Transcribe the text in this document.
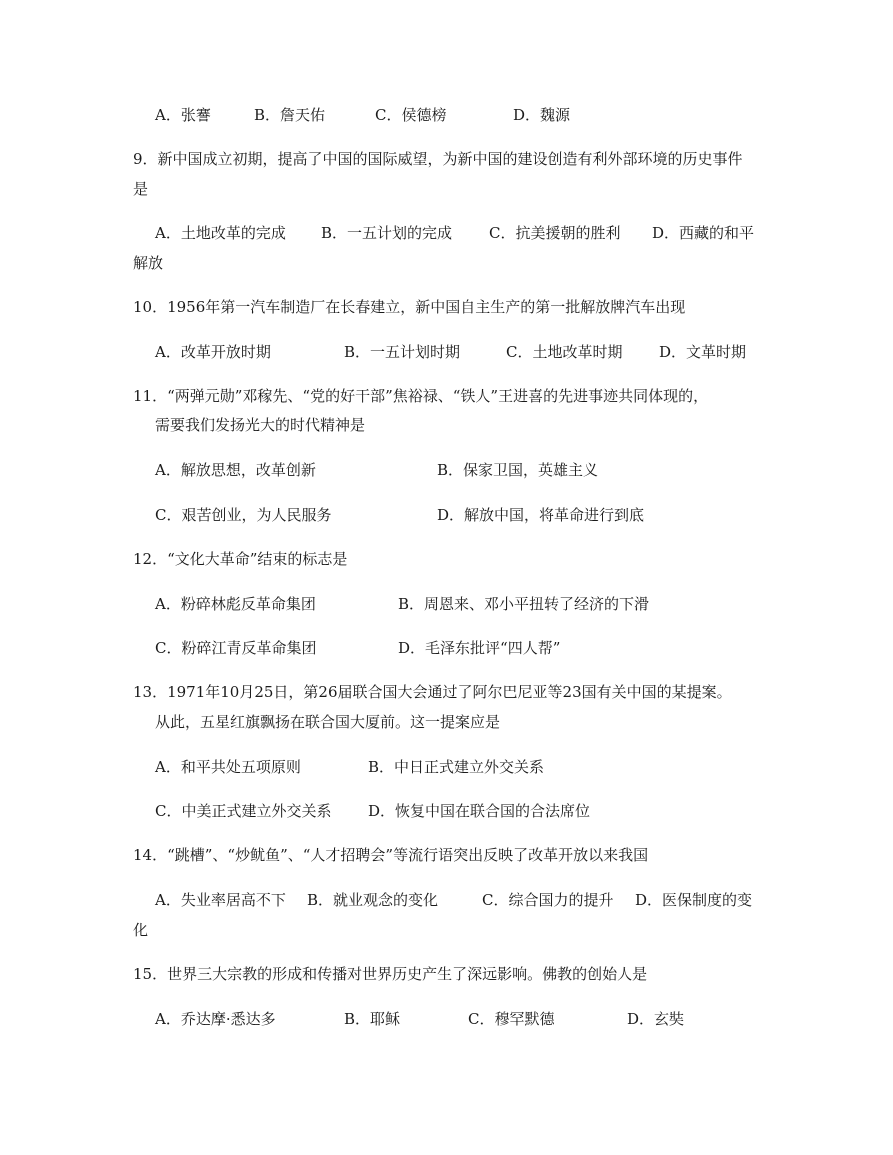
A．张謇	B．詹天佑	C．侯德榜	D．魏源
9．新中国成立初期，提高了中国的国际威望，为新中国的建设创造有利外部环境的历史事件
是
A．土地改革的完成 B．一五计划的完成 C．抗美援朝的胜利 D．西藏的和平
解放
10．1956年第一汽车制造厂在长春建立，新中国自主生产的第一批解放牌汽车出现
A．改革开放时期	B．一五计划时期	C．土地改革时期 D．文革时期
11．“两弹元勋”邓稼先、“党的好干部”焦裕禄、“铁人”王进喜的先进事迹共同体现的，
需要我们发扬光大的时代精神是
A．解放思想，改革创新	B．保家卫国，英雄主义
C．艰苦创业，为人民服务	D．解放中国，将革命进行到底
12．“文化大革命”结束的标志是
A．粉碎林彪反革命集团	B．周恩来、邓小平扭转了经济的下滑
C．粉碎江青反革命集团	D．毛泽东批评“四人帮”
13．1971年10月25日，第26届联合国大会通过了阿尔巴尼亚等23国有关中国的某提案。
从此，五星红旗飘扬在联合国大厦前。这一提案应是
A．和平共处五项原则	B．中日正式建立外交关系
C．中美正式建立外交关系 D．恢复中国在联合国的合法席位
14．“跳槽”、“炒鱿鱼”、“人才招聘会”等流行语突出反映了改革开放以来我国
A．失业率居高不下 B．就业观念的变化	C．综合国力的提升 D．医保制度的变
化
15．世界三大宗教的形成和传播对世界历史产生了深远影响。佛教的创始人是
A．乔达摩·悉达多	B．耶稣	C．穆罕默德	D．玄奘
